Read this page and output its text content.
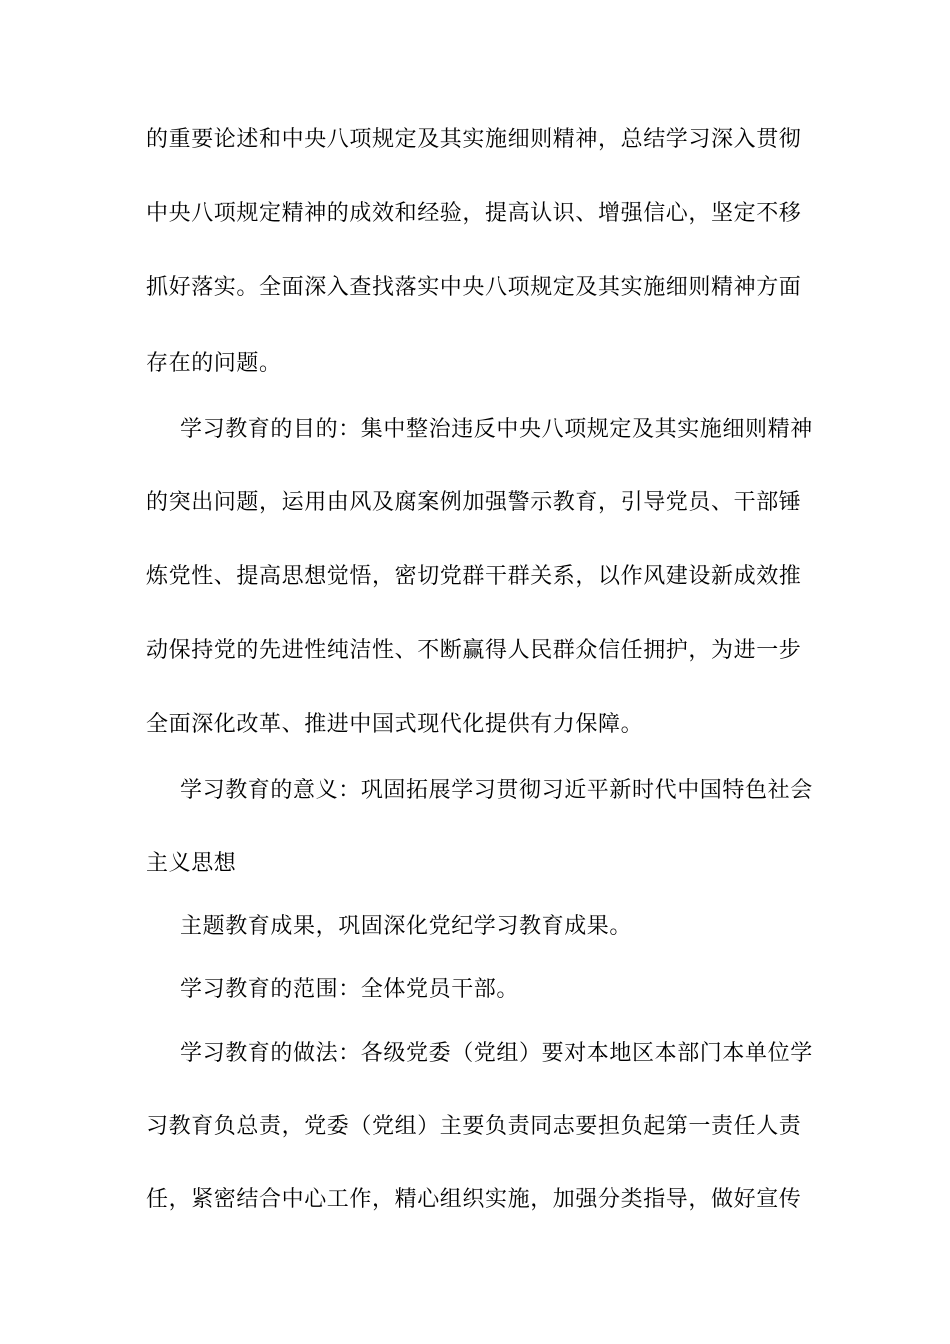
的重要论述和中央八项规定及其实施细则精神，总结学习深入贯彻
中央八项规定精神的成效和经验，提高认识、增强信心，坚定不移
抓好落实。全面深入查找落实中央八项规定及其实施细则精神方面
存在的问题。
学习教育的目的：集中整治违反中央八项规定及其实施细则精神
的突出问题，运用由风及腐案例加强警示教育，引导党员、干部锤
炼党性、提高思想觉悟，密切党群干群关系，以作风建设新成效推
动保持党的先进性纯洁性、不断赢得人民群众信任拥护，为进一步
全面深化改革、推进中国式现代化提供有力保障。
学习教育的意义：巩固拓展学习贯彻习近平新时代中国特色社会
主义思想
主题教育成果，巩固深化党纪学习教育成果。
学习教育的范围：全体党员干部。
学习教育的做法：各级党委（党组）要对本地区本部门本单位学
习教育负总责，党委（党组）主要负责同志要担负起第一责任人责
任，紧密结合中心工作，精心组织实施，加强分类指导，做好宣传
